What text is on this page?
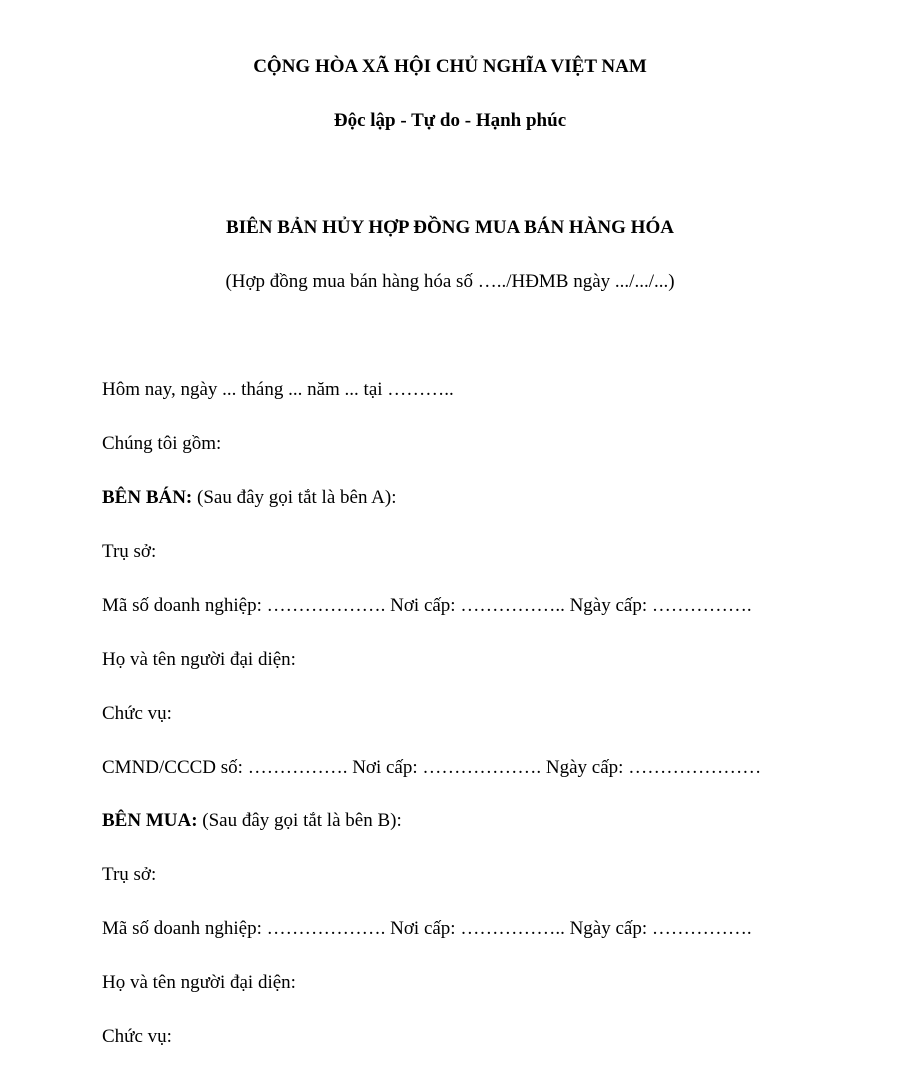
CỘNG HÒA XÃ HỘI CHỦ NGHĨA VIỆT NAM
Độc lập - Tự do - Hạnh phúc
BIÊN BẢN HỦY HỢP ĐỒNG MUA BÁN HÀNG HÓA
(Hợp đồng mua bán hàng hóa số …../HĐMB ngày .../.../...)
Hôm nay, ngày ... tháng ... năm ... tại ………..
Chúng tôi gồm:
BÊN BÁN: (Sau đây gọi tắt là bên A):
Trụ sở:
Mã số doanh nghiệp: ………………. Nơi cấp: …………….. Ngày cấp: …………….
Họ và tên người đại diện:
Chức vụ:
CMND/CCCD số: ……………. Nơi cấp: ………………. Ngày cấp: …………………
BÊN MUA: (Sau đây gọi tắt là bên B):
Trụ sở:
Mã số doanh nghiệp: ………………. Nơi cấp: …………….. Ngày cấp: …………….
Họ và tên người đại diện:
Chức vụ:
